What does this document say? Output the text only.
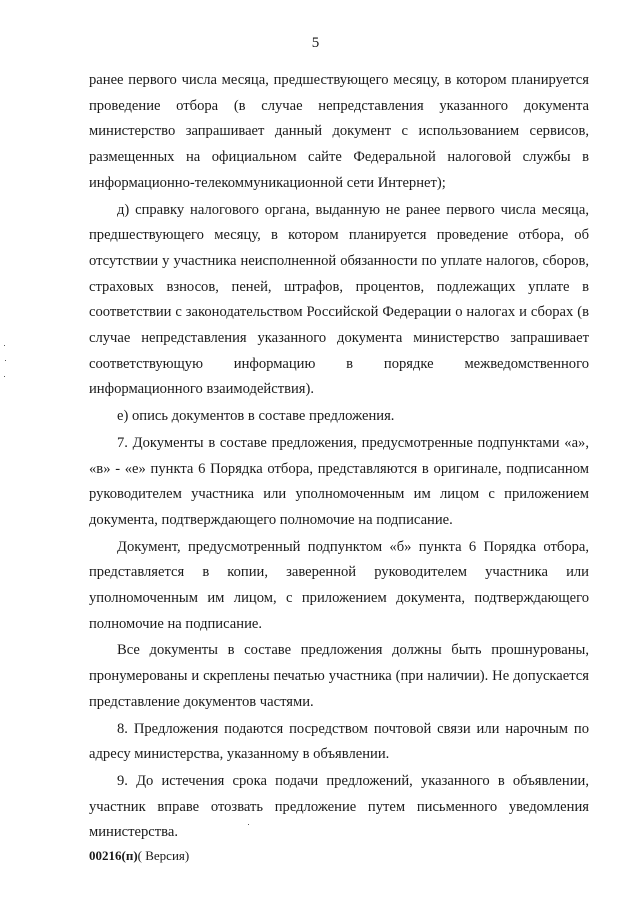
5

ранее первого числа месяца, предшествующего месяцу, в котором планируется проведение отбора (в случае непредставления указанного документа министерство запрашивает данный документ с использованием сервисов, размещенных на официальном сайте Федеральной налоговой службы в информационно-телекоммуникационной сети Интернет);

д) справку налогового органа, выданную не ранее первого числа месяца, предшествующего месяцу, в котором планируется проведение отбора, об отсутствии у участника неисполненной обязанности по уплате налогов, сборов, страховых взносов, пеней, штрафов, процентов, подлежащих уплате в соответствии с законодательством Российской Федерации о налогах и сборах (в случае непредставления указанного документа министерство запрашивает соответствующую информацию в порядке межведомственного информационного взаимодействия).

е) опись документов в составе предложения.

7. Документы в составе предложения, предусмотренные подпунктами «а», «в» - «е» пункта 6 Порядка отбора, представляются в оригинале, подписанном руководителем участника или уполномоченным им лицом с приложением документа, подтверждающего полномочие на подписание.

Документ, предусмотренный подпунктом «б» пункта 6 Порядка отбора, представляется в копии, заверенной руководителем участника или уполномоченным им лицом, с приложением документа, подтверждающего полномочие на подписание.

Все документы в составе предложения должны быть прошнурованы, пронумерованы и скреплены печатью участника (при наличии). Не допускается представление документов частями.

8. Предложения подаются посредством почтовой связи или нарочным по адресу министерства, указанному в объявлении.

9. До истечения срока подачи предложений, указанного в объявлении, участник вправе отозвать предложение путем письменного уведомления министерства.

00216(п)( Версия)
